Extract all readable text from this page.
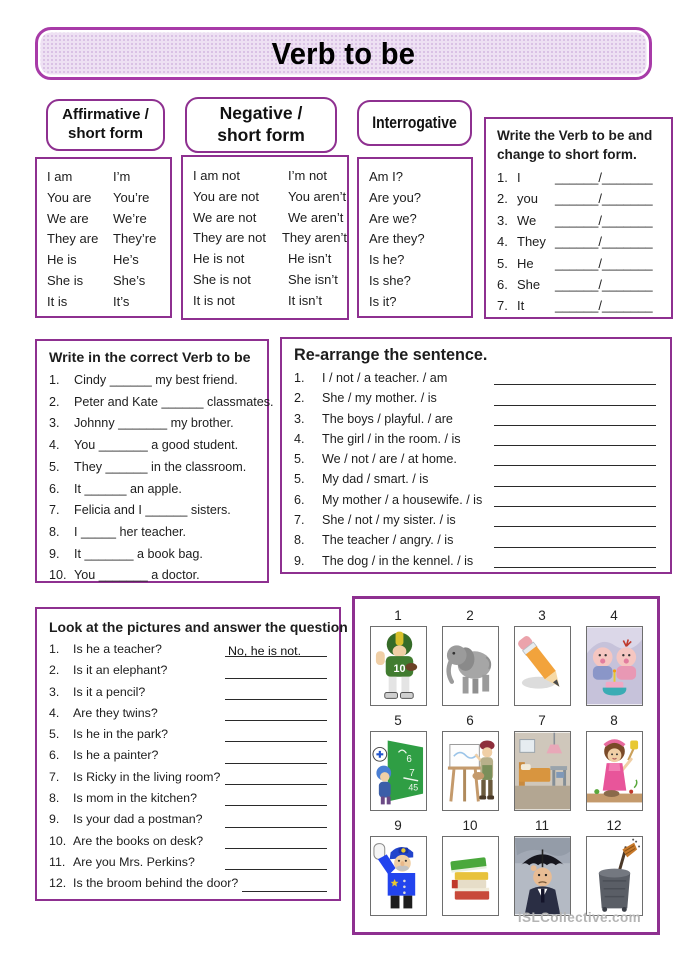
Verb to be
Affirmative /
short form
Negative /
short form
Interrogative
I am	I’m
You are	You’re
We are	We’re
They are	They’re
He is	He’s
She is	She’s
It is	It’s
I am not	I’m not
You are not	You aren’t
We are not	We aren’t
They are not	They aren’t
He is not	He isn’t
She is not	She isn’t
It is not	It isn’t
Am I?
Are you?
Are we?
Are they?
Is he?
Is she?
Is it?
Write the Verb to be and change to short form.
1. I	______/_______
2. you	______/_______
3. We	______/_______
4. They ______/_______
5. He	______/_______
6. She	______/_______
7. It	______/_______
Write in the correct Verb to be
1.	Cindy ______ my best friend.
2.	Peter and Kate ______ classmates.
3.	Johnny _______ my brother.
4.	You _______ a good student.
5.	They ______ in the classroom.
6.	It ______ an apple.
7.	Felicia and I ______ sisters.
8.	I _____ her teacher.
9.	It _______ a book bag.
10. You _______ a doctor.
Re-arrange the sentence.
1.	I / not / a teacher. / am
2.	She / my mother. / is
3.	The boys / playful. / are
4.	The girl / in the room. / is
5.	We / not / are / at home.
5.	My dad / smart. / is
6.	My mother / a housewife. / is
7.	She / not / my sister. / is
8.	The teacher / angry. / is
9.	The dog / in the kennel. / is
Look at the pictures and answer the question
1.	Is he a teacher?	No, he is not.
2.	Is it an elephant?
3.	Is it a pencil?
4.	Are they twins?
5.	Is he in the park?
6.	Is he a painter?
7.	Is Ricky in the living room?
8.	Is mom in the kitchen?
9.	Is your dad a postman?
10. Are the books on desk?
11. Are you Mrs. Perkins?
12. Is the broom behind the door?
1
10
2	3	4
5
6
7
45
6	7	8
9	10	11	12
iSLCollective.com
